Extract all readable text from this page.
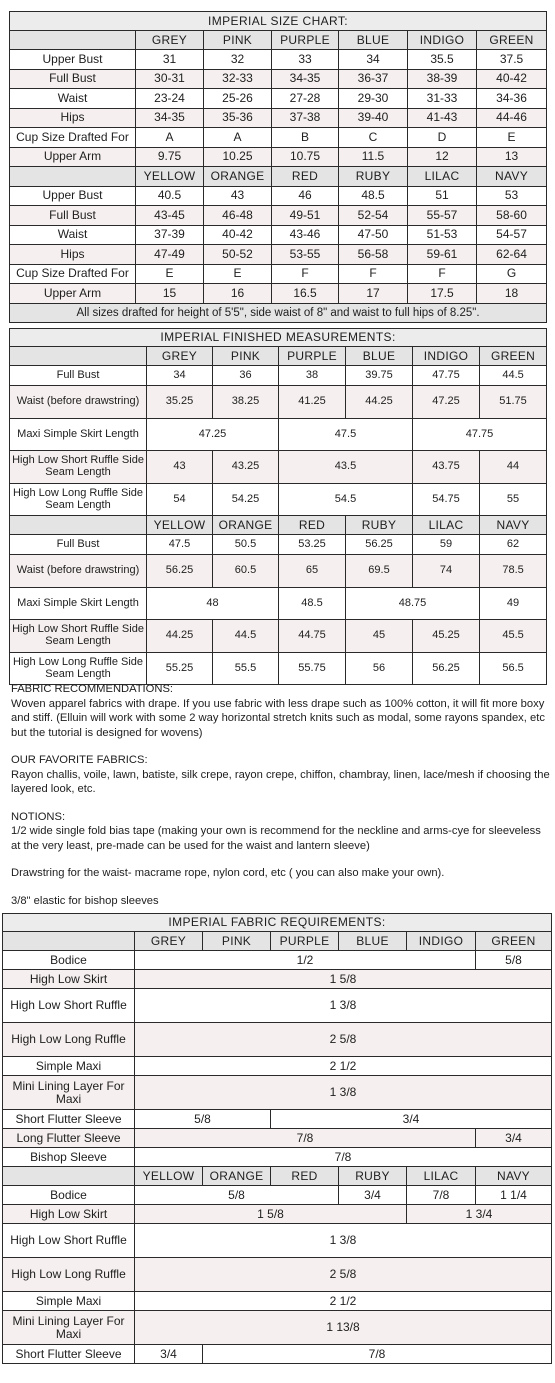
IMPERIAL SIZE CHART:						
	GREY	PINK	PURPLE	BLUE	INDIGO	GREEN
Upper Bust	31	32	33	34	35.5	37.5
Full Bust	30-31	32-33	34-35	36-37	38-39	40-42
Waist	23-24	25-26	27-28	29-30	31-33	34-36
Hips	34-35	35-36	37-38	39-40	41-43	44-46
Cup Size Drafted For	A	A	B	C	D	E
Upper Arm	9.75	10.25	10.75	11.5	12	13
	YELLOW	ORANGE	RED	RUBY	LILAC	NAVY
Upper Bust	40.5	43	46	48.5	51	53
Full Bust	43-45	46-48	49-51	52-54	55-57	58-60
Waist	37-39	40-42	43-46	47-50	51-53	54-57
Hips	47-49	50-52	53-55	56-58	59-61	62-64
Cup Size Drafted For	E	E	F	F	F	G
Upper Arm	15	16	16.5	17	17.5	18
All sizes drafted for height of 5'5", side waist of 8" and waist to full hips of 8.25".						
IMPERIAL FINISHED MEASUREMENTS:						
	GREY	PINK	PURPLE	BLUE	INDIGO	GREEN
Full Bust	34	36	38	39.75	47.75	44.5
Waist (before drawstring)	35.25	38.25	41.25	44.25	47.25	51.75
Maxi Simple Skirt Length	47.25		47.5		47.75	
High Low Short Ruffle Side Seam Length	43	43.25	43.5		43.75	44
High Low Long Ruffle Side Seam Length	54	54.25	54.5		54.75	55
	YELLOW	ORANGE	RED	RUBY	LILAC	NAVY
Full Bust	47.5	50.5	53.25	56.25	59	62
Waist (before drawstring)	56.25	60.5	65	69.5	74	78.5
Maxi Simple Skirt Length	48		48.5	48.75		49
High Low Short Ruffle Side Seam Length	44.25	44.5	44.75	45	45.25	45.5
High Low Long Ruffle Side Seam Length	55.25	55.5	55.75	56	56.25	56.5

FABRIC RECOMMENDATIONS:

Woven apparel fabrics with drape. If you use fabric with less drape such as 100% cotton, it will fit more boxy and stiff. (Elluin will work with some 2 way horizontal stretch knits such as modal, some rayons spandex, etc but the tutorial is designed for wovens)

OUR FAVORITE FABRICS:

Rayon challis, voile, lawn, batiste, silk crepe, rayon crepe, chiffon, chambray, linen, lace/mesh if choosing the layered look, etc.

NOTIONS:

1/2 wide single fold bias tape (making your own is recommend for the neckline and arms-cye for sleeveless at the very least, pre-made can be used for the waist and lantern sleeve)

Drawstring for the waist- macrame rope, nylon cord, etc ( you can also make your own).

3/8" elastic for bishop sleeves

IMPERIAL FABRIC REQUIREMENTS:						
	GREY	PINK	PURPLE	BLUE	INDIGO	GREEN
Bodice	1/2					5/8
High Low Skirt	1 5/8					
High Low Short Ruffle	1 3/8					
High Low Long Ruffle	2 5/8					
Simple Maxi	2 1/2					
Mini Lining Layer For Maxi	1 3/8					
Short Flutter Sleeve	5/8		3/4			
Long Flutter Sleeve	7/8					3/4
Bishop Sleeve	7/8					
	YELLOW	ORANGE	RED	RUBY	LILAC	NAVY
Bodice	5/8			3/4	7/8	1 1/4
High Low Skirt	1 5/8				1 3/4	
High Low Short Ruffle	1 3/8					
High Low Long Ruffle	2 5/8					
Simple Maxi	2 1/2					
Mini Lining Layer For Maxi	1 13/8					
Short Flutter Sleeve	3/4	7/8				
